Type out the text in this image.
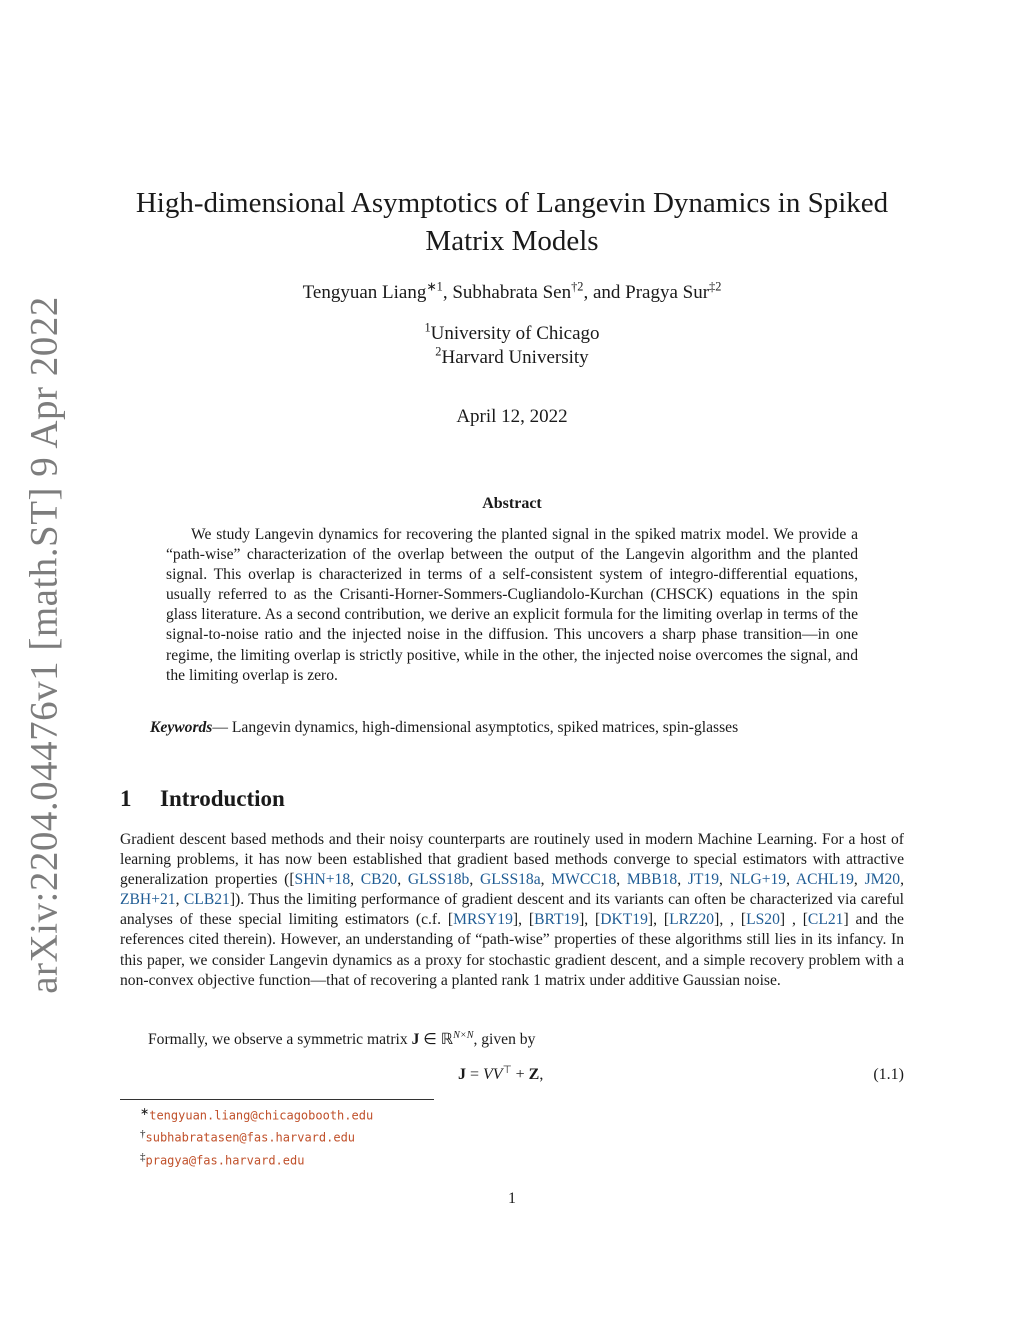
arXiv:2204.04476v1 [math.ST] 9 Apr 2022
High-dimensional Asymptotics of Langevin Dynamics in Spiked Matrix Models
Tengyuan Liang$^{∗1}$, Subhabrata Sen$^{\dagger 2}$, and Pragya Sur$^{\ddagger 2}$
$^1$University of Chicago
$^2$Harvard University
April 12, 2022
Abstract

We study Langevin dynamics for recovering the planted signal in the spiked matrix model. We provide a “path-wise” characterization of the overlap between the output of the Langevin algorithm and the planted signal. This overlap is characterized in terms of a self-consistent system of integro-differential equations, usually referred to as the Crisanti-Horner-Sommers-Cugliandolo-Kurchan (CHSCK) equations in the spin glass literature. As a second contribution, we derive an explicit formula for the limiting overlap in terms of the signal-to-noise ratio and the injected noise in the diffusion. This uncovers a sharp phase transition—in one regime, the limiting overlap is strictly positive, while in the other, the injected noise overcomes the signal, and the limiting overlap is zero.

Keywords— Langevin dynamics, high-dimensional asymptotics, spiked matrices, spin-glasses
1 Introduction

Gradient descent based methods and their noisy counterparts are routinely used in modern Machine Learning. For a host of learning problems, it has now been established that gradient based methods converge to special estimators with attractive generalization properties ([SHN+18, CB20, GLSS18b, GLSS18a, MWCC18, MBB18, JT19, NLG+19, ACHL19, JM20, ZBH+21, CLB21]). Thus the limiting performance of gradient descent and its variants can often be characterized via careful analyses of these special limiting estimators (c.f. [MRSY19], [BRT19], [DKT19], [LRZ20], , [LS20] , [CL21] and the references cited therein). However, an understanding of “path-wise” properties of these algorithms still lies in its infancy. In this paper, we consider Langevin dynamics as a proxy for stochastic gradient descent, and a simple recovery problem with a non-convex objective function—that of recovering a planted rank 1 matrix under additive Gaussian noise.

Formally, we observe a symmetric matrix J ∈ ℝ$^{N\times N}$, given by

J = VV⊤ + Z,	(1.1)
∗tengyuan.liang@chicagobooth.edu
†subhabratasen@fas.harvard.edu
‡pragya@fas.harvard.edu
1
